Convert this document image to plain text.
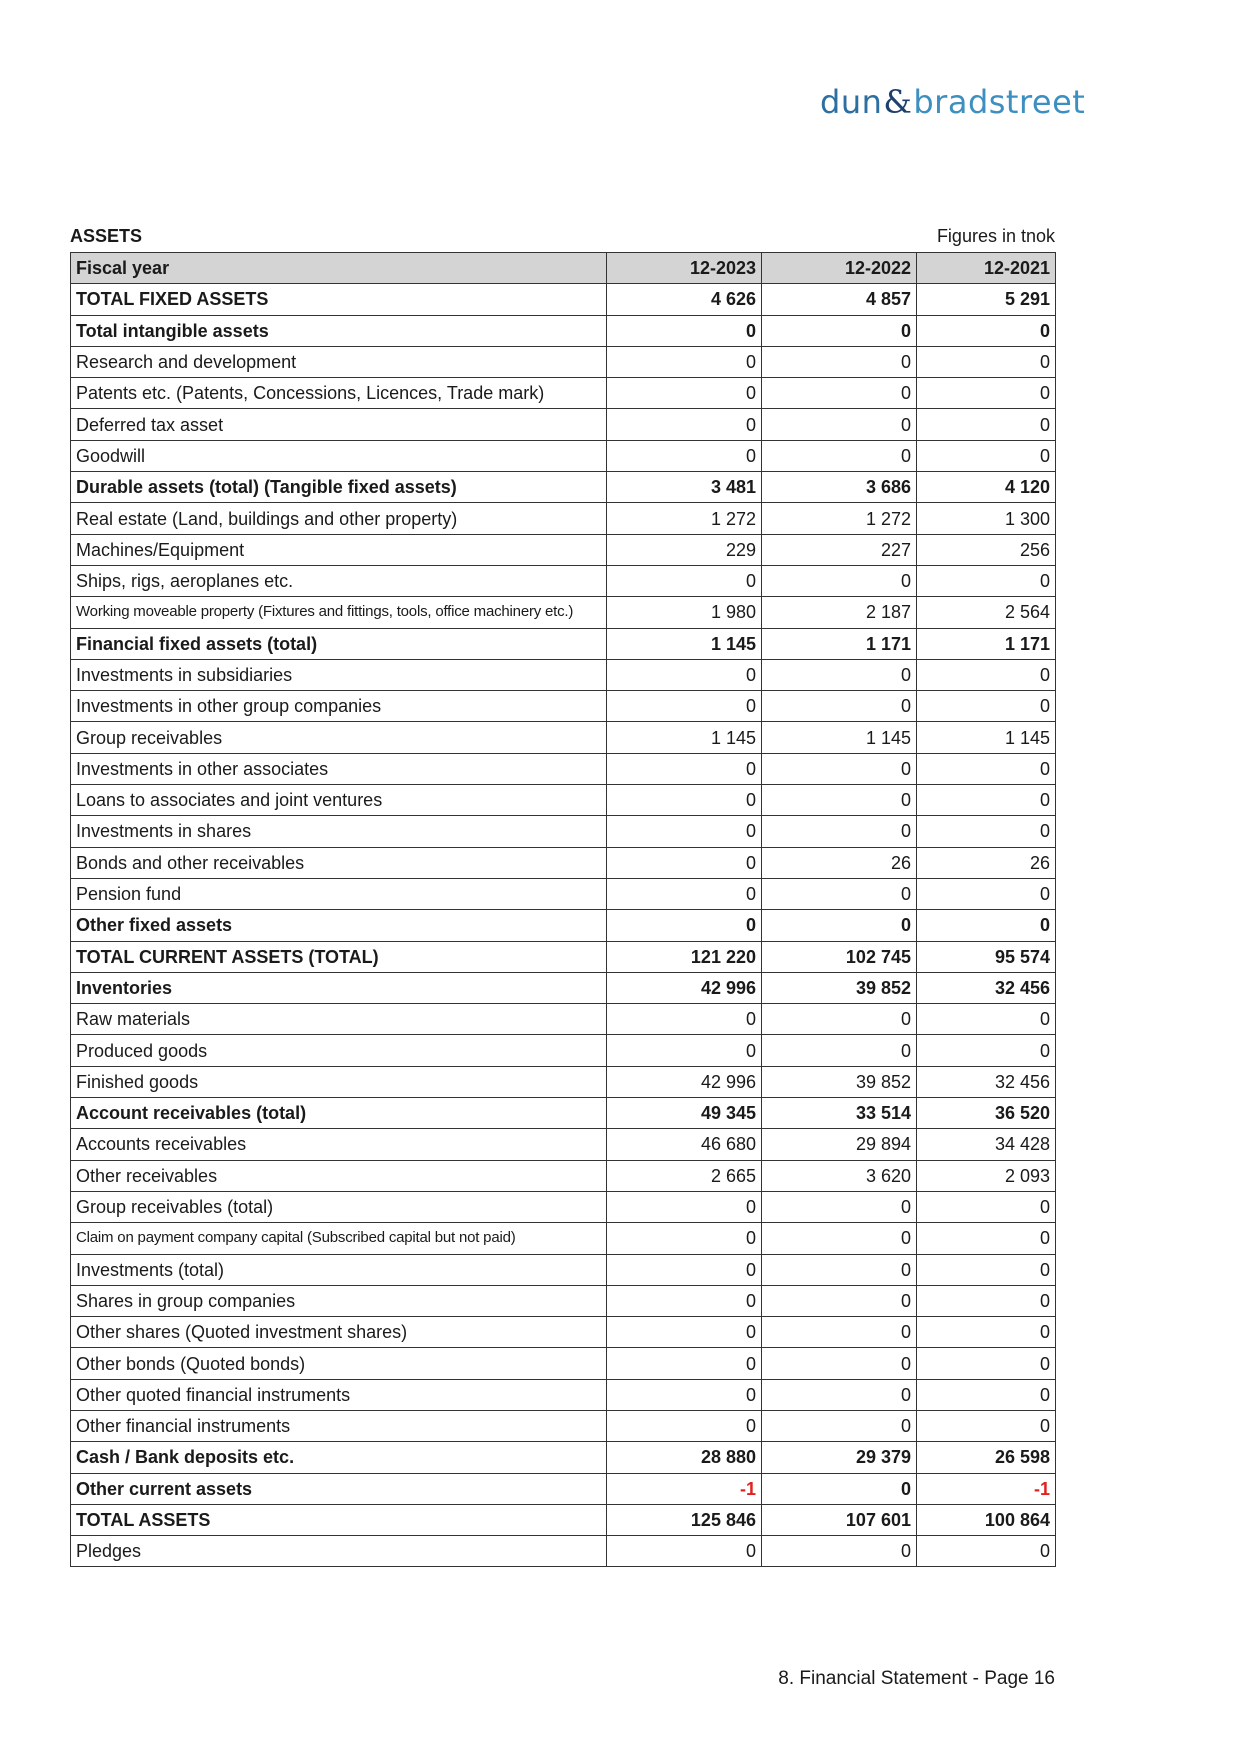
dun & bradstreet
ASSETS	Figures in tnok
Fiscal year	12-2023	12-2022	12-2021
TOTAL FIXED ASSETS	4 626	4 857	5 291
Total intangible assets	0	0	0
Research and development	0	0	0
Patents etc. (Patents, Concessions, Licences, Trade mark)	0	0	0
Deferred tax asset	0	0	0
Goodwill	0	0	0
Durable assets (total) (Tangible fixed assets)	3 481	3 686	4 120
Real estate (Land, buildings and other property)	1 272	1 272	1 300
Machines/Equipment	229	227	256
Ships, rigs, aeroplanes etc.	0	0	0
Working moveable property (Fixtures and fittings, tools, office machinery etc.)	1 980	2 187	2 564
Financial fixed assets (total)	1 145	1 171	1 171
Investments in subsidiaries	0	0	0
Investments in other group companies	0	0	0
Group receivables	1 145	1 145	1 145
Investments in other associates	0	0	0
Loans to associates and joint ventures	0	0	0
Investments in shares	0	0	0
Bonds and other receivables	0	26	26
Pension fund	0	0	0
Other fixed assets	0	0	0
TOTAL CURRENT ASSETS (TOTAL)	121 220	102 745	95 574
Inventories	42 996	39 852	32 456
Raw materials	0	0	0
Produced goods	0	0	0
Finished goods	42 996	39 852	32 456
Account receivables (total)	49 345	33 514	36 520
Accounts receivables	46 680	29 894	34 428
Other receivables	2 665	3 620	2 093
Group receivables (total)	0	0	0
Claim on payment company capital (Subscribed capital but not paid)	0	0	0
Investments (total)	0	0	0
Shares in group companies	0	0	0
Other shares (Quoted investment shares)	0	0	0
Other bonds (Quoted bonds)	0	0	0
Other quoted financial instruments	0	0	0
Other financial instruments	0	0	0
Cash / Bank deposits etc.	28 880	29 379	26 598
Other current assets	-1	0	-1
TOTAL ASSETS	125 846	107 601	100 864
Pledges	0	0	0
8. Financial Statement - Page 16
